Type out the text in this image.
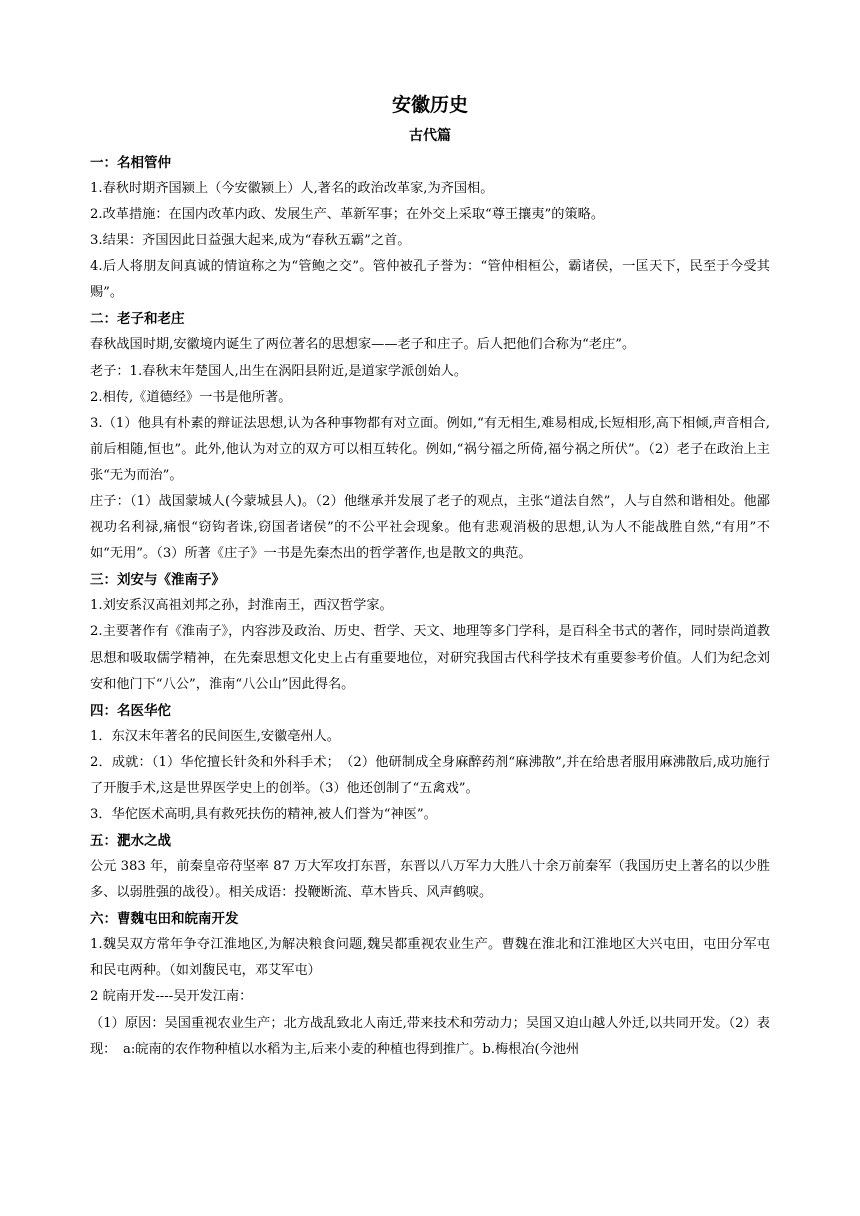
安徽历史
古代篇

一：名相管仲

1.春秋时期齐国颍上（今安徽颍上）人,著名的政治改革家,为齐国相。

2.改革措施：在国内改革内政、发展生产、革新军事；在外交上采取“尊王攘夷”的策略。

3.结果：齐国因此日益强大起来,成为“春秋五霸”之首。

4.后人将朋友间真诚的情谊称之为“管鲍之交”。管仲被孔子誉为：“管仲相桓公，霸诸侯，一匡天下，民至于今受其赐”。

二：老子和老庄

春秋战国时期,安徽境内诞生了两位著名的思想家——老子和庄子。后人把他们合称为“老庄”。

老子：1.春秋末年楚国人,出生在涡阳县附近,是道家学派创始人。

2.相传,《道德经》一书是他所著。

3.（1）他具有朴素的辩证法思想,认为各种事物都有对立面。例如,“有无相生,难易相成,长短相形,高下相倾,声音相合,前后相随,恒也”。此外,他认为对立的双方可以相互转化。例如,“祸兮福之所倚,福兮祸之所伏”。（2）老子在政治上主张“无为而治”。

庄子：（1）战国蒙城人(今蒙城县人)。（2）他继承并发展了老子的观点，主张“道法自然”，人与自然和谐相处。他鄙视功名利禄,痛恨“窃钩者诛,窃国者诸侯”的不公平社会现象。他有悲观消极的思想,认为人不能战胜自然,“有用”不如“无用”。（3）所著《庄子》一书是先秦杰出的哲学著作,也是散文的典范。

三：刘安与《淮南子》

1.刘安系汉高祖刘邦之孙，封淮南王，西汉哲学家。

2.主要著作有《淮南子》，内容涉及政治、历史、哲学、天文、地理等多门学科，是百科全书式的著作，同时崇尚道教思想和吸取儒学精神，在先秦思想文化史上占有重要地位，对研究我国古代科学技术有重要参考价值。人们为纪念刘安和他门下“八公”，淮南“八公山”因此得名。

四：名医华佗

1．东汉末年著名的民间医生,安徽亳州人。

2．成就：（1）华佗擅长针灸和外科手术；　（2）他研制成全身麻醉药剂“麻沸散”,并在给患者服用麻沸散后,成功施行了开腹手术,这是世界医学史上的创举。（3）他还创制了“五禽戏”。

3．华佗医术高明,具有救死扶伤的精神,被人们誉为“神医”。

五：淝水之战

公元 383 年，前秦皇帝苻坚率 87 万大军攻打东晋，东晋以八万军力大胜八十余万前秦军（我国历史上著名的以少胜多、以弱胜强的战役）。相关成语：投鞭断流、草木皆兵、风声鹤唳。

六：曹魏屯田和皖南开发

1.魏吴双方常年争夺江淮地区,为解决粮食问题,魏吴都重视农业生产。曹魏在淮北和江淮地区大兴屯田，屯田分军屯和民屯两种。（如刘馥民屯，邓艾军屯）

2 皖南开发----吴开发江南：

（1）原因：吴国重视农业生产；北方战乱致北人南迁,带来技术和劳动力；吴国又迫山越人外迁,以共同开发。（2）表现：　a:皖南的农作物种植以水稻为主,后来小麦的种植也得到推广。b.梅根冶(今池州
